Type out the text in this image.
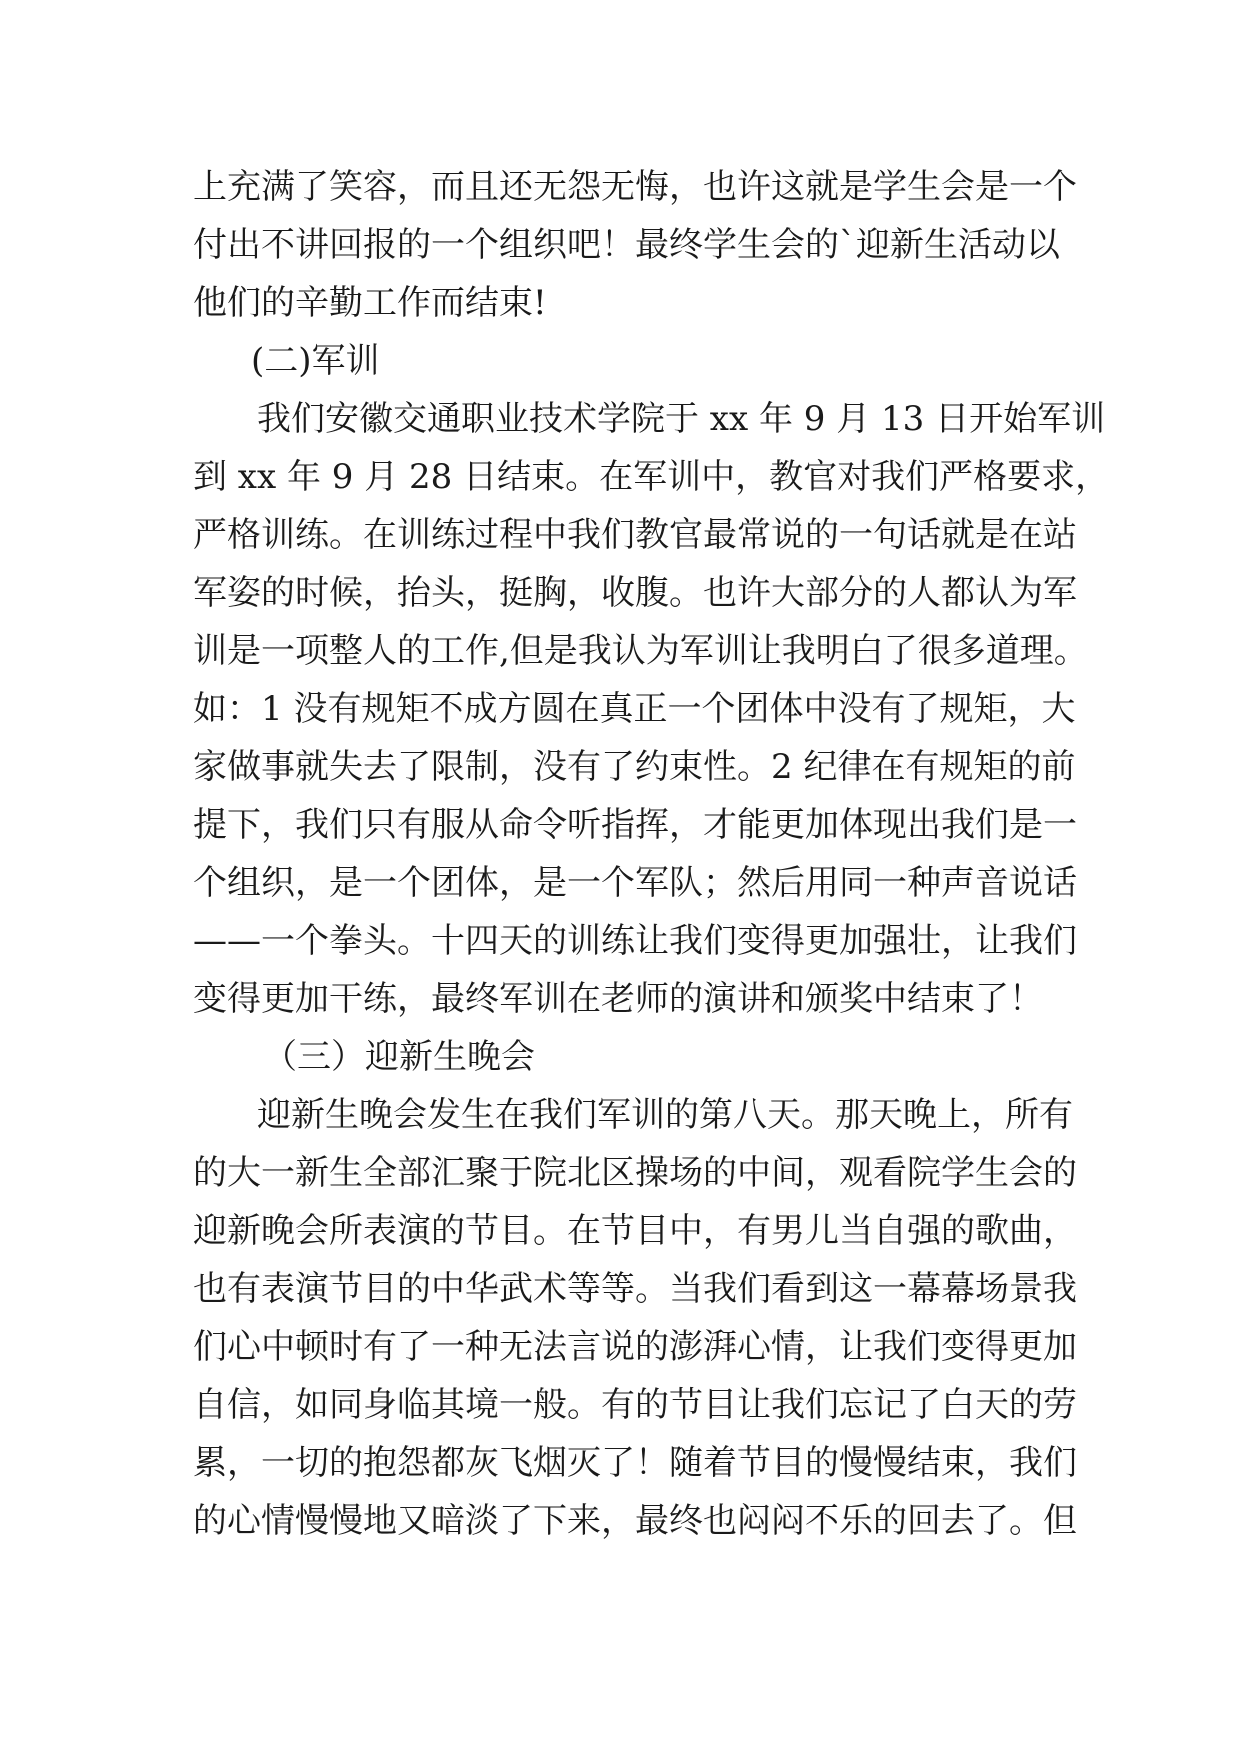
上充满了笑容，而且还无怨无悔，也许这就是学生会是一个
付出不讲回报的一个组织吧！最终学生会的`迎新生活动以
他们的辛勤工作而结束!
(二)军训
我们安徽交通职业技术学院于 xx 年 9 月 13 日开始军训
到 xx 年 9 月 28 日结束。在军训中，教官对我们严格要求，
严格训练。在训练过程中我们教官最常说的一句话就是在站
军姿的时候，抬头，挺胸，收腹。也许大部分的人都认为军
训是一项整人的工作,但是我认为军训让我明白了很多道理。
如：1 没有规矩不成方圆在真正一个团体中没有了规矩，大
家做事就失去了限制，没有了约束性。2 纪律在有规矩的前
提下，我们只有服从命令听指挥，才能更加体现出我们是一
个组织，是一个团体，是一个军队；然后用同一种声音说话
——一个拳头。十四天的训练让我们变得更加强壮，让我们
变得更加干练，最终军训在老师的演讲和颁奖中结束了！
（三）迎新生晚会
迎新生晚会发生在我们军训的第八天。那天晚上，所有
的大一新生全部汇聚于院北区操场的中间，观看院学生会的
迎新晚会所表演的节目。在节目中，有男儿当自强的歌曲，
也有表演节目的中华武术等等。当我们看到这一幕幕场景我
们心中顿时有了一种无法言说的澎湃心情，让我们变得更加
自信，如同身临其境一般。有的节目让我们忘记了白天的劳
累，一切的抱怨都灰飞烟灭了！随着节目的慢慢结束，我们
的心情慢慢地又暗淡了下来，最终也闷闷不乐的回去了。但
